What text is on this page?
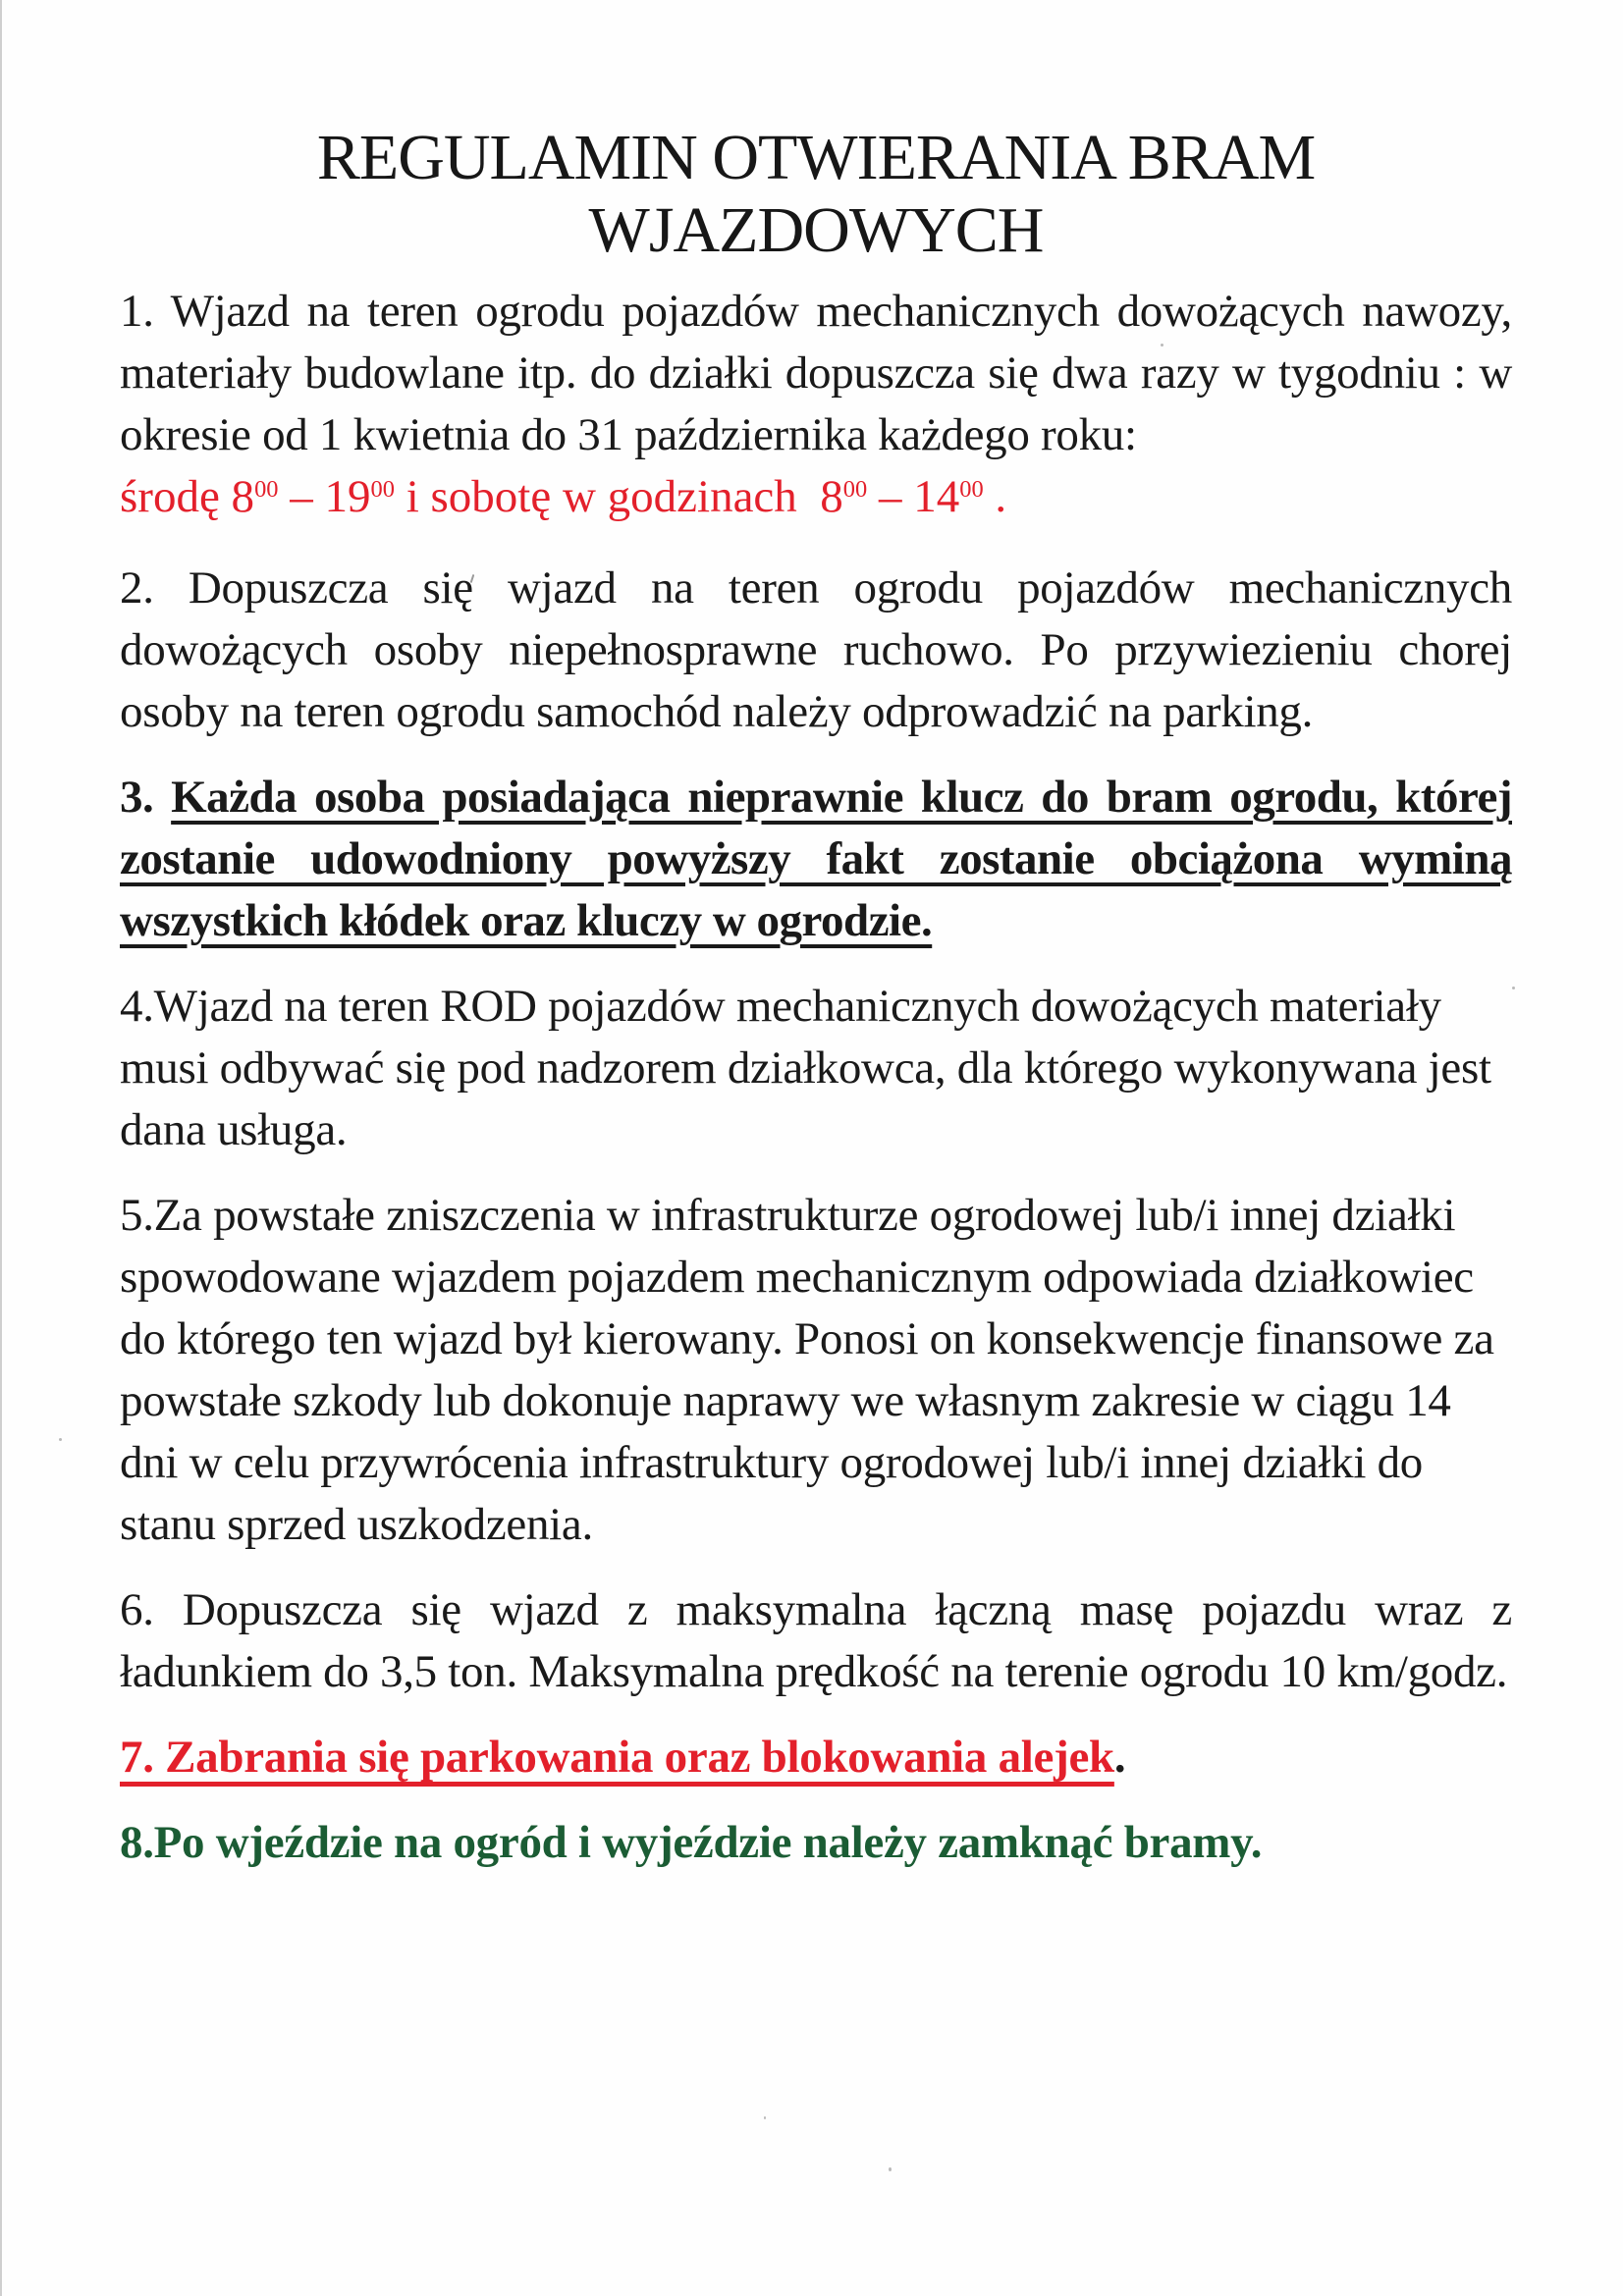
REGULAMIN OTWIERANIA BRAM
WJAZDOWYCH

1. Wjazd na teren ogrodu pojazdów mechanicznych dowożących nawozy, materiały budowlane itp. do działki dopuszcza się dwa razy w tygodniu : w okresie od 1 kwietnia do 31 października każdego roku:

środę $8^{00} - 19^{00}$ i sobotę w godzinach  $8^{00} - 14^{00}$ .

2. Dopuszcza się wjazd na teren ogrodu pojazdów mechanicznych dowożących osoby niepełnosprawne ruchowo. Po przywiezieniu chorej osoby na teren ogrodu samochód należy odprowadzić na parking.

3. Każda osoba posiadająca nieprawnie klucz do bram ogrodu, której zostanie udowodniony powyższy fakt zostanie obciążona wyminą wszystkich kłódek oraz kluczy w ogrodzie.

4.Wjazd na teren ROD pojazdów mechanicznych dowożących materiały musi odbywać się pod nadzorem działkowca, dla którego wykonywana jest dana usługa.

5.Za powstałe zniszczenia w infrastrukturze ogrodowej lub/i innej działki spowodowane wjazdem pojazdem mechanicznym odpowiada działkowiec do którego ten wjazd był kierowany. Ponosi on konsekwencje finansowe za powstałe szkody lub dokonuje naprawy we własnym zakresie w ciągu 14 dni w celu przywrócenia infrastruktury ogrodowej lub/i innej działki do stanu sprzed uszkodzenia.

6. Dopuszcza się wjazd z maksymalna łączną masę pojazdu wraz z ładunkiem do 3,5 ton. Maksymalna prędkość na terenie ogrodu 10 km/godz.

7. Zabrania się parkowania oraz blokowania alejek.

8.Po wjeździe na ogród i wyjeździe należy zamknąć bramy.
